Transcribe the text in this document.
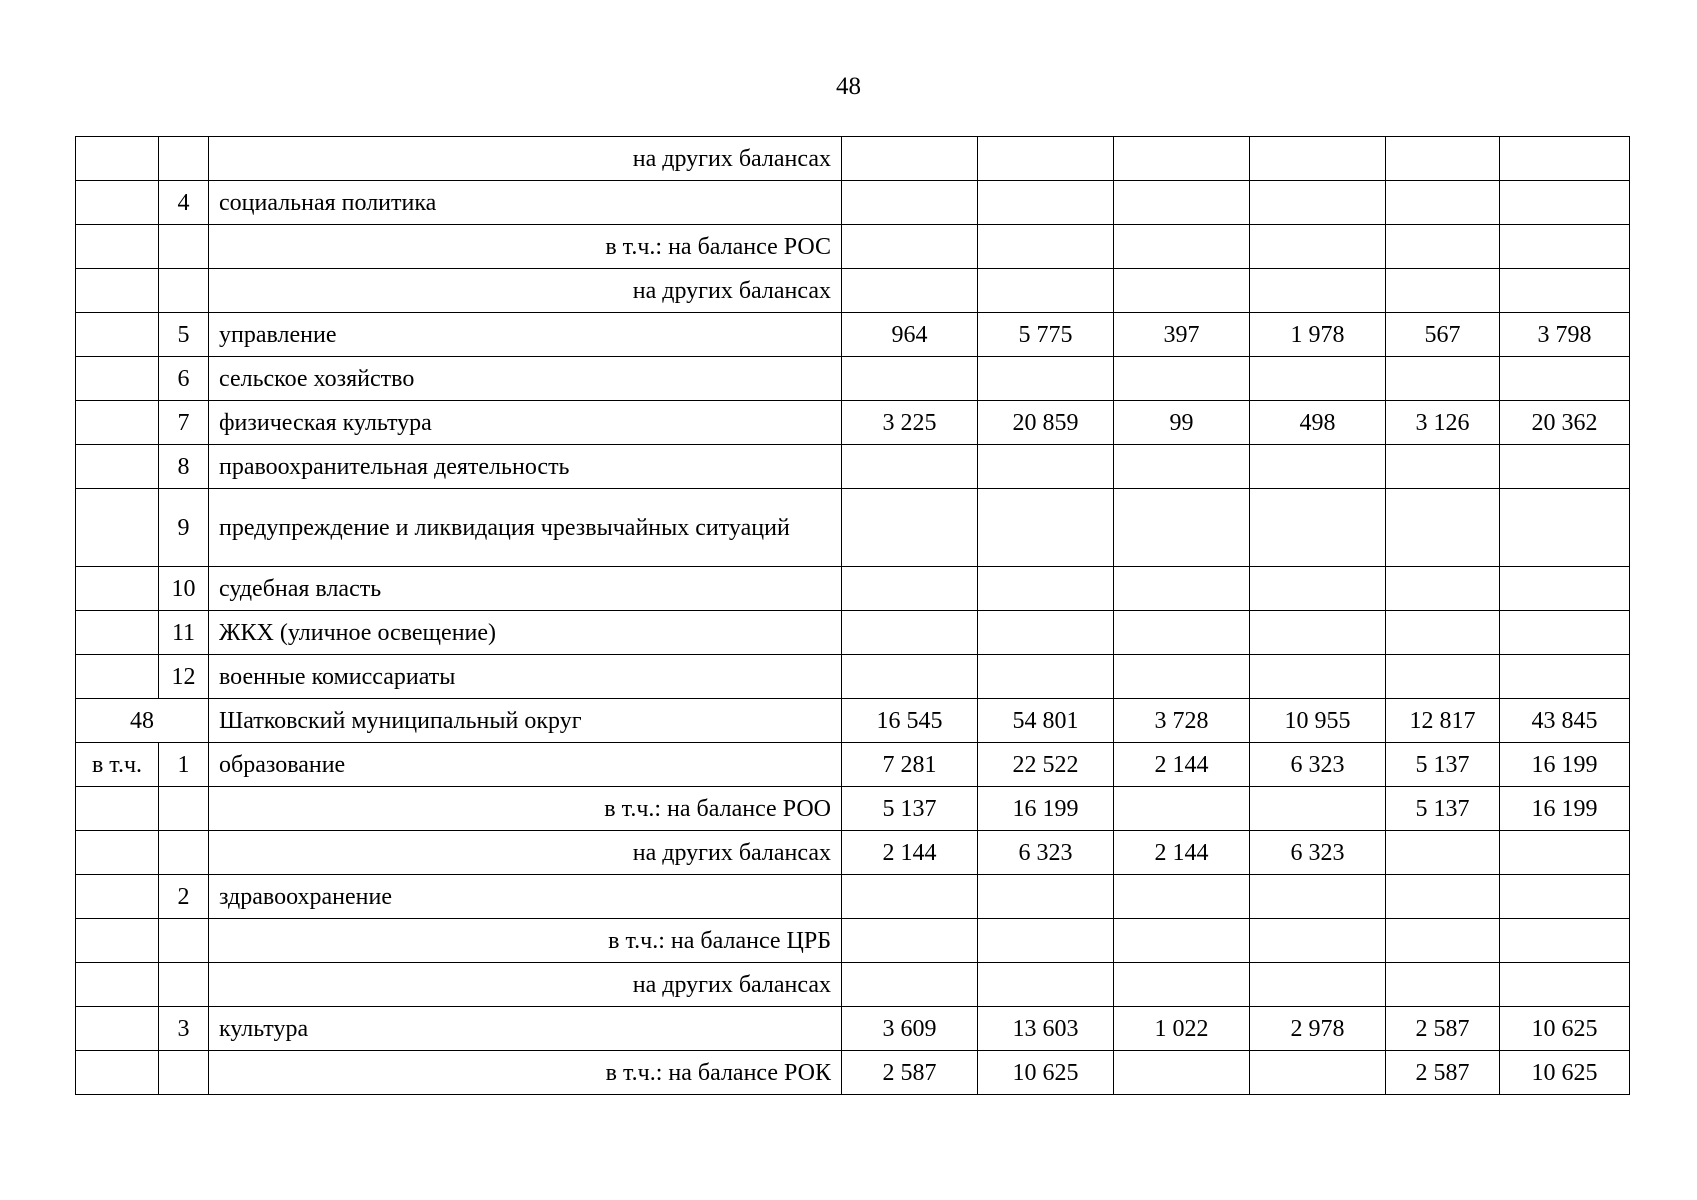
48
		на других балансах						
	4	социальная политика						
		в т.ч.: на балансе РОС						
		на других балансах						
	5	управление	964	5 775	397	1 978	567	3 798
	6	сельское хозяйство						
	7	физическая культура	3 225	20 859	99	498	3 126	20 362
	8	правоохранительная деятельность						
	9	предупреждение и ликвидация чрезвычайных ситуаций						
	10	судебная власть						
	11	ЖКХ (уличное освещение)						
	12	военные комиссариаты						
48		Шатковский муниципальный округ	16 545	54 801	3 728	10 955	12 817	43 845
в т.ч.	1	образование	7 281	22 522	2 144	6 323	5 137	16 199
		в т.ч.: на балансе РОО	5 137	16 199			5 137	16 199
		на других балансах	2 144	6 323	2 144	6 323		
	2	здравоохранение						
		в т.ч.: на балансе ЦРБ						
		на других балансах						
	3	культура	3 609	13 603	1 022	2 978	2 587	10 625
		в т.ч.: на балансе РОК	2 587	10 625			2 587	10 625
